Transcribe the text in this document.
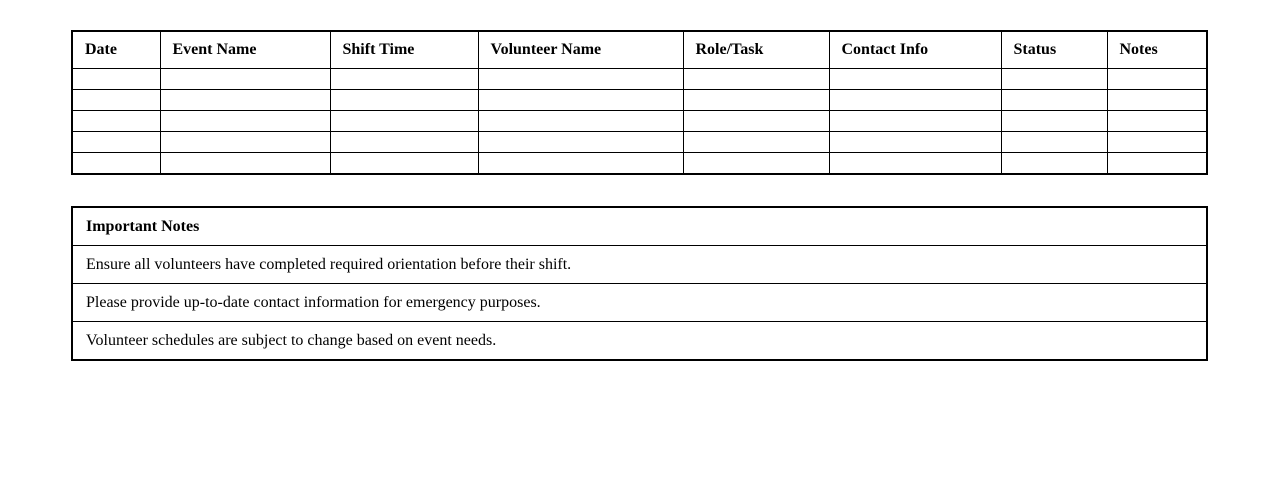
Date	Event Name	Shift Time	Volunteer Name	Role/Task	Contact Info	Status	Notes

Important Notes
Ensure all volunteers have completed required orientation before their shift.
Please provide up-to-date contact information for emergency purposes.
Volunteer schedules are subject to change based on event needs.
